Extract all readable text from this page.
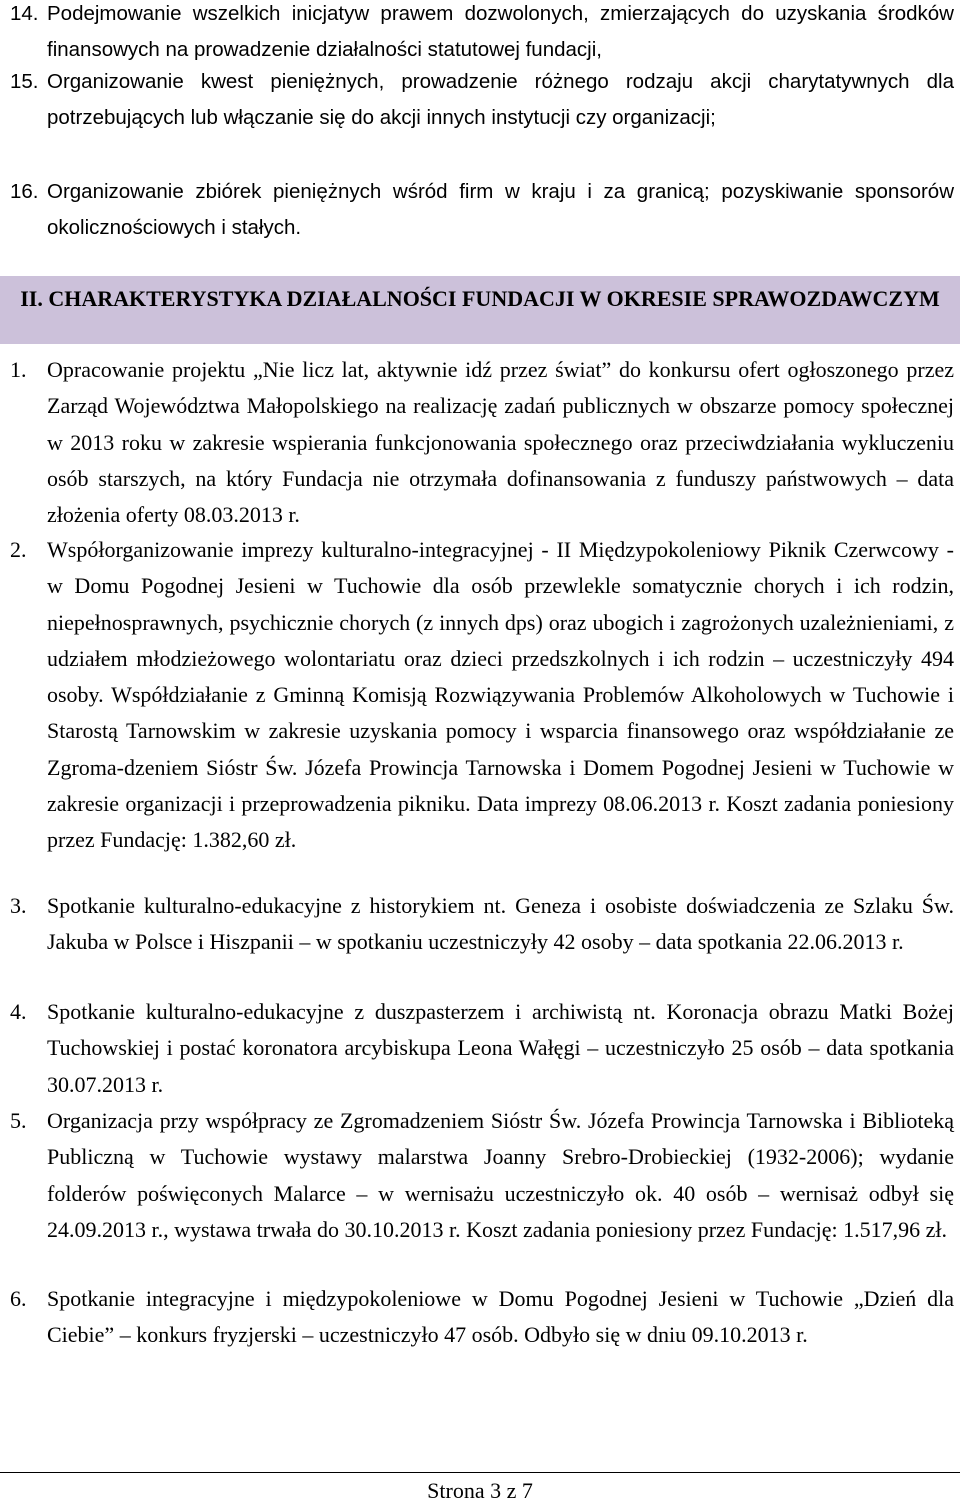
14. Podejmowanie wszelkich inicjatyw prawem dozwolonych, zmierzających do uzyskania środków finansowych na prowadzenie działalności statutowej fundacji,
15. Organizowanie kwest pieniężnych, prowadzenie różnego rodzaju akcji charytatywnych dla potrzebujących lub włączanie się do akcji innych instytucji czy organizacji;
16. Organizowanie zbiórek pieniężnych wśród firm w kraju i za granicą; pozyskiwanie sponsorów okolicznościowych i stałych.
II. CHARAKTERYSTYKA DZIAŁALNOŚCI FUNDACJI W OKRESIE SPRAWOZDAWCZYM
1. Opracowanie projektu „Nie licz lat, aktywnie idź przez świat” do konkursu ofert ogłoszonego przez Zarząd Województwa Małopolskiego na realizację zadań publicznych w obszarze pomocy społecznej w 2013 roku w zakresie wspierania funkcjonowania społecznego oraz przeciwdziałania wykluczeniu osób starszych, na który Fundacja nie otrzymała dofinansowania z funduszy państwowych – data złożenia oferty 08.03.2013 r.
2. Współorganizowanie imprezy kulturalno-integracyjnej - II Międzypokoleniowy Piknik Czerwcowy - w Domu Pogodnej Jesieni w Tuchowie dla osób przewlekle somatycznie chorych i ich rodzin, niepełnosprawnych, psychicznie chorych (z innych dps) oraz ubogich i zagrożonych uzależnieniami, z udziałem młodzieżowego wolontariatu oraz dzieci przedszkolnych i ich rodzin – uczestniczyły 494 osoby. Współdziałanie z Gminną Komisją Rozwiązywania Problemów Alkoholowych w Tuchowie i Starostą Tarnowskim w zakresie uzyskania pomocy i wsparcia finansowego oraz współdziałanie ze Zgroma-dzeniem Sióstr Św. Józefa Prowincja Tarnowska i Domem Pogodnej Jesieni w Tuchowie w zakresie organizacji i przeprowadzenia pikniku. Data imprezy 08.06.2013 r. Koszt zadania poniesiony przez Fundację: 1.382,60 zł.
3. Spotkanie kulturalno-edukacyjne z historykiem nt. Geneza i osobiste doświadczenia ze Szlaku Św. Jakuba w Polsce i Hiszpanii – w spotkaniu uczestniczyły 42 osoby – data spotkania 22.06.2013 r.
4. Spotkanie kulturalno-edukacyjne z duszpasterzem i archiwistą nt. Koronacja obrazu Matki Bożej Tuchowskiej i postać koronatora arcybiskupa Leona Wałęgi – uczestniczyło 25 osób – data spotkania 30.07.2013 r.
5. Organizacja przy współpracy ze Zgromadzeniem Sióstr Św. Józefa Prowincja Tarnowska i Biblioteką Publiczną w Tuchowie wystawy malarstwa Joanny Srebro-Drobieckiej (1932-2006); wydanie folderów poświęconych Malarce – w wernisażu uczestniczyło ok. 40 osób – wernisaż odbył się 24.09.2013 r., wystawa trwała do 30.10.2013 r. Koszt zadania poniesiony przez Fundację: 1.517,96 zł.
6. Spotkanie integracyjne i międzypokoleniowe w Domu Pogodnej Jesieni w Tuchowie „Dzień dla Ciebie” – konkurs fryzjerski – uczestniczyło 47 osób. Odbyło się w dniu 09.10.2013 r.
Strona 3 z 7
